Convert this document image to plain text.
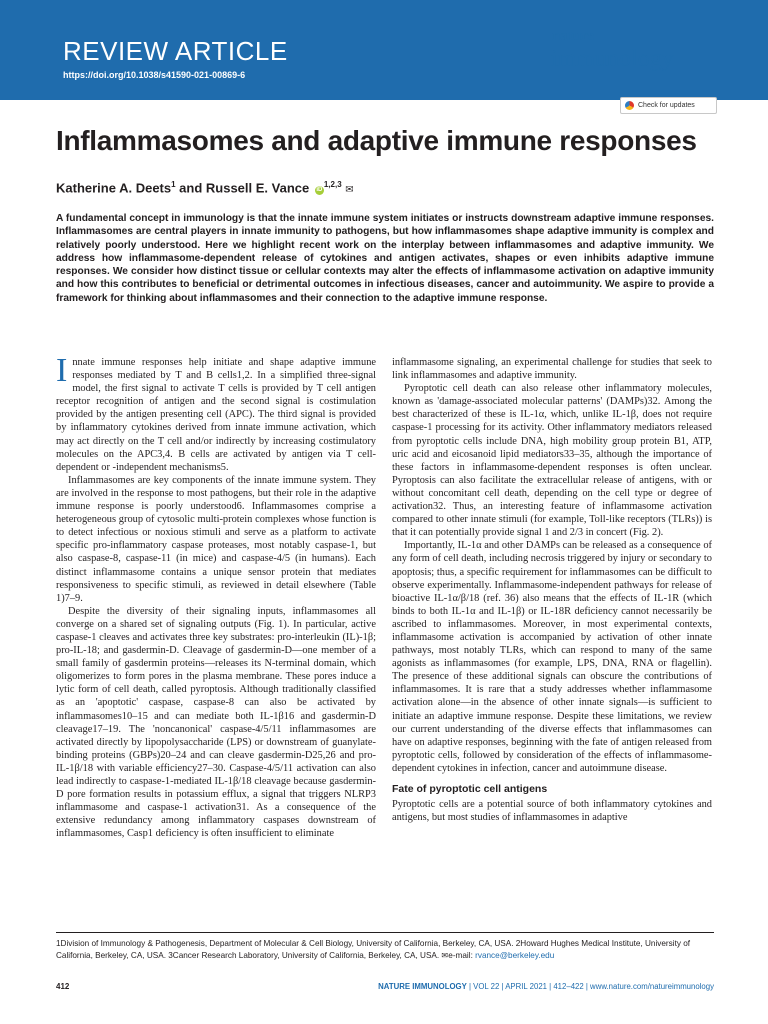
REVIEW ARTICLE
https://doi.org/10.1038/s41590-021-00869-6
nature
immunology
Check for updates
Inflammasomes and adaptive immune responses
Katherine A. Deets$^1$ and Russell E. Vance iD$^{1,2,3}$ ✉
A fundamental concept in immunology is that the innate immune system initiates or instructs downstream adaptive immune responses. Inflammasomes are central players in innate immunity to pathogens, but how inflammasomes shape adaptive immunity is complex and relatively poorly understood. Here we highlight recent work on the interplay between inflammasomes and adaptive immunity. We address how inflammasome-dependent release of cytokines and antigen activates, shapes or even inhibits adaptive immune responses. We consider how distinct tissue or cellular contexts may alter the effects of inflammasome activation on adaptive immunity and how this contributes to beneficial or detrimental outcomes in infectious diseases, cancer and autoimmunity. We aspire to provide a framework for thinking about inflammasomes and their connection to the adaptive immune response.

Innate immune responses help initiate and shape adaptive immune responses mediated by T and B cells1,2. In a simplified three-signal model, the first signal to activate T cells is provided by T cell antigen receptor recognition of antigen and the second signal is costimulation provided by the antigen presenting cell (APC). The third signal is provided by inflammatory cytokines derived from innate immune activation, which may act directly on the T cell and/or indirectly by increasing costimulatory molecules on the APC3,4. B cells are activated by antigen via T cell-dependent or -independent mechanisms5.

Inflammasomes are key components of the innate immune system. They are involved in the response to most pathogens, but their role in the adaptive immune response is poorly understood6. Inflammasomes comprise a heterogeneous group of cytosolic multi-protein complexes whose function is to detect infectious or noxious stimuli and serve as a platform to activate specific pro-inflammatory caspase proteases, most notably caspase-1, but also caspase-8, caspase-11 (in mice) and caspase-4/5 (in humans). Each distinct inflammasome contains a unique sensor protein that mediates responsiveness to specific stimuli, as reviewed in detail elsewhere (Table 1)7–9.

Despite the diversity of their signaling inputs, inflammasomes all converge on a shared set of signaling outputs (Fig. 1). In particular, active caspase-1 cleaves and activates three key substrates: pro-interleukin (IL)-1β; pro-IL-18; and gasdermin-D. Cleavage of gasdermin-D—one member of a small family of gasdermin proteins—releases its N-terminal domain, which oligomerizes to form pores in the plasma membrane. These pores induce a lytic form of cell death, called pyroptosis. Although traditionally classified as an 'apoptotic' caspase, caspase-8 can also be activated by inflammasomes10–15 and can mediate both IL-1β16 and gasdermin-D cleavage17–19. The 'noncanonical' caspase-4/5/11 inflammasomes are activated directly by lipopolysaccharide (LPS) or downstream of guanylate-binding proteins (GBPs)20–24 and can cleave gasdermin-D25,26 and pro-IL-1β/18 with variable efficiency27–30. Caspase-4/5/11 activation can also lead indirectly to caspase-1-mediated IL-1β/18 cleavage because gasdermin-D pore formation results in potassium efflux, a signal that triggers NLRP3 inflammasome and caspase-1 activation31. As a consequence of the extensive redundancy among inflammatory caspases downstream of inflammasomes, Casp1 deficiency is often insufficient to eliminate

inflammasome signaling, an experimental challenge for studies that seek to link inflammasomes and adaptive immunity.

Pyroptotic cell death can also release other inflammatory molecules, known as 'damage-associated molecular patterns' (DAMPs)32. Among the best characterized of these is IL-1α, which, unlike IL-1β, does not require caspase-1 processing for its activity. Other inflammatory mediators released from pyroptotic cells include DNA, high mobility group protein B1, ATP, uric acid and eicosanoid lipid mediators33–35, although the importance of these factors in inflammasome-dependent responses is often unclear. Pyroptosis can also facilitate the extracellular release of antigens, with or without concomitant cell death, depending on the cell type or degree of activation32. Thus, an interesting feature of inflammasome activation compared to other innate stimuli (for example, Toll-like receptors (TLRs)) is that it can potentially provide signal 1 and 2/3 in concert (Fig. 2).

Importantly, IL-1α and other DAMPs can be released as a consequence of any form of cell death, including necrosis triggered by injury or secondary to apoptosis; thus, a specific requirement for inflammasomes can be difficult to observe experimentally. Inflammasome-independent pathways for release of bioactive IL-1α/β/18 (ref. 36) also means that the effects of IL-1R (which binds to both IL-1α and IL-1β) or IL-18R deficiency cannot necessarily be ascribed to inflammasomes. Moreover, in most experimental contexts, inflammasome activation is accompanied by activation of other innate pathways, most notably TLRs, which can respond to many of the same agonists as inflammasomes (for example, LPS, DNA, RNA or flagellin). The presence of these additional signals can obscure the contributions of inflammasomes. It is rare that a study addresses whether inflammasome activation alone—in the absence of other innate signals—is sufficient to initiate an adaptive immune response. Despite these limitations, we review our current understanding of the diverse effects that inflammasomes can have on adaptive responses, beginning with the fate of antigen released from pyroptotic cells, followed by consideration of the effects of inflammasome-dependent cytokines in infection, cancer and autoimmune disease.

Fate of pyroptotic cell antigens

Pyroptotic cells are a potential source of both inflammatory cytokines and antigens, but most studies of inflammasomes in adaptive

1Division of Immunology & Pathogenesis, Department of Molecular & Cell Biology, University of California, Berkeley, CA, USA. 2Howard Hughes Medical Institute, University of California, Berkeley, CA, USA. 3Cancer Research Laboratory, University of California, Berkeley, CA, USA. ✉e-mail: rvance@berkeley.edu
412	NATURE IMMUNOLOGY | VOL 22 | APRIL 2021 | 412–422 | www.nature.com/natureimmunology
